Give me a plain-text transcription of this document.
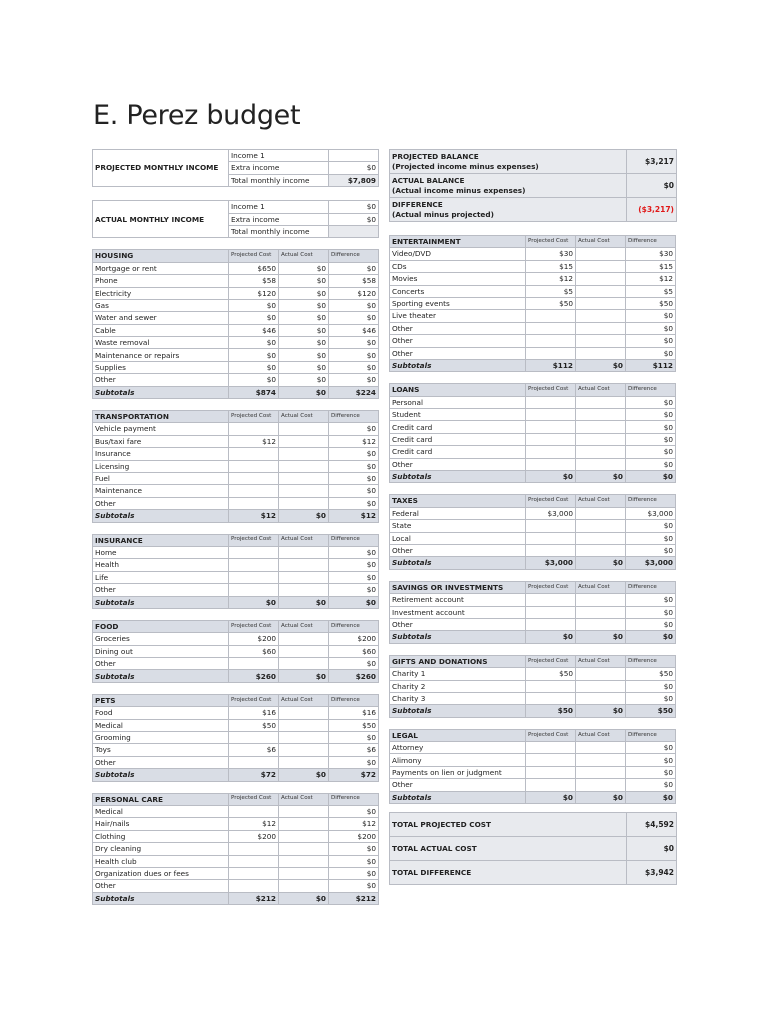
E. Perez budget
PROJECTED MONTHLY INCOME	Income 1	
	Extra income	$0
	Total monthly income	$7,809
ACTUAL MONTHLY INCOME	Income 1	$0
	Extra income	$0
	Total monthly income	
HOUSING	Projected Cost	Actual Cost	Difference
Mortgage or rent	$650	$0	$0
Phone	$58	$0	$58
Electricity	$120	$0	$120
Gas	$0	$0	$0
Water and sewer	$0	$0	$0
Cable	$46	$0	$46
Waste removal	$0	$0	$0
Maintenance or repairs	$0	$0	$0
Supplies	$0	$0	$0
Other	$0	$0	$0
Subtotals	$874	$0	$224
TRANSPORTATION	Projected Cost	Actual Cost	Difference
Vehicle payment			$0
Bus/taxi fare	$12		$12
Insurance			$0
Licensing			$0
Fuel			$0
Maintenance			$0
Other			$0
Subtotals	$12	$0	$12
INSURANCE	Projected Cost	Actual Cost	Difference
Home			$0
Health			$0
Life			$0
Other			$0
Subtotals	$0	$0	$0
FOOD	Projected Cost	Actual Cost	Difference
Groceries	$200		$200
Dining out	$60		$60
Other			$0
Subtotals	$260	$0	$260
PETS	Projected Cost	Actual Cost	Difference
Food	$16		$16
Medical	$50		$50
Grooming			$0
Toys	$6		$6
Other			$0
Subtotals	$72	$0	$72
PERSONAL CARE	Projected Cost	Actual Cost	Difference
Medical			$0
Hair/nails	$12		$12
Clothing	$200		$200
Dry cleaning			$0
Health club			$0
Organization dues or fees			$0
Other			$0
Subtotals	$212	$0	$212
PROJECTED BALANCE
(Projected income minus expenses)	$3,217
ACTUAL BALANCE
(Actual income minus expenses)	$0
DIFFERENCE
(Actual minus projected)	($3,217)
ENTERTAINMENT	Projected Cost	Actual Cost	Difference
Video/DVD	$30		$30
CDs	$15		$15
Movies	$12		$12
Concerts	$5		$5
Sporting events	$50		$50
Live theater			$0
Other			$0
Other			$0
Other			$0
Subtotals	$112	$0	$112
LOANS	Projected Cost	Actual Cost	Difference
Personal			$0
Student			$0
Credit card			$0
Credit card			$0
Credit card			$0
Other			$0
Subtotals	$0	$0	$0
TAXES	Projected Cost	Actual Cost	Difference
Federal	$3,000		$3,000
State			$0
Local			$0
Other			$0
Subtotals	$3,000	$0	$3,000
SAVINGS OR INVESTMENTS	Projected Cost	Actual Cost	Difference
Retirement account			$0
Investment account			$0
Other			$0
Subtotals	$0	$0	$0
GIFTS AND DONATIONS	Projected Cost	Actual Cost	Difference
Charity 1	$50		$50
Charity 2			$0
Charity 3			$0
Subtotals	$50	$0	$50
LEGAL	Projected Cost	Actual Cost	Difference
Attorney			$0
Alimony			$0
Payments on lien or judgment			$0
Other			$0
Subtotals	$0	$0	$0
TOTAL PROJECTED COST	$4,592
TOTAL ACTUAL COST	$0
TOTAL DIFFERENCE	$3,942
